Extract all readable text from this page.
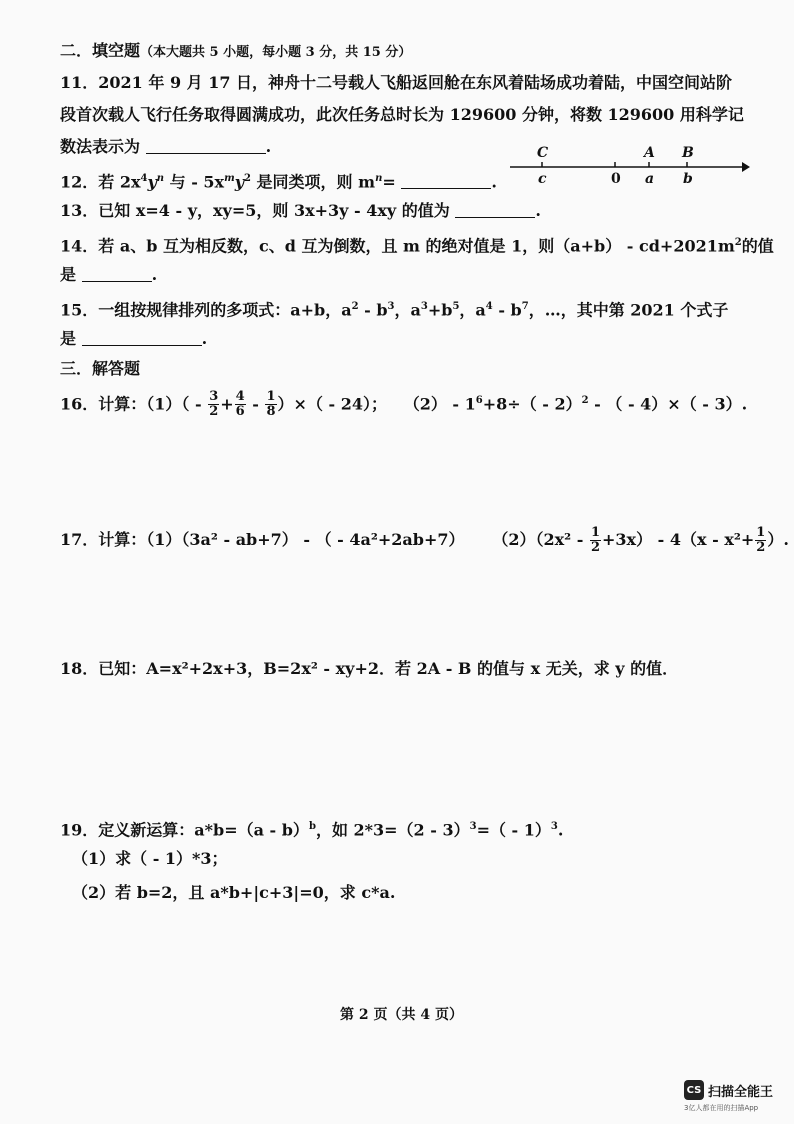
二．填空题（本大题共 5 小题，每小题 3 分，共 15 分）
11．2021 年 9 月 17 日，神舟十二号载人飞船返回舱在东风着陆场成功着陆，中国空间站阶
段首次载人飞行任务取得圆满成功，此次任务总时长为 129600 分钟，将数 129600 用科学记
数法表示为	.
12．若 $2x^4y^n$ 与 - $5x^my^2$ 是同类项，则 $m^n=$	.
C	A B
c	0 a b
13．已知 x=4 - y，xy=5，则 3x+3y - 4xy 的值为	.
14．若 a、b 互为相反数，c、d 互为倒数，且 m 的绝对值是 1，则$(a+b) - cd+2021m^2$的值
是	.
15．一组按规律排列的多项式：a+b，$a^2 - b^3$，$a^3+b^5$，$a^4 - b^7$，…，其中第 2021 个式子
是	.
三．解答题
16．计算：$(1)( - \frac{3}{2} + \frac{4}{6} - \frac{1}{8}$ ）×（ - 24）； $(2) - 1^6+8\div( - 2)^2$ - （ - 4）×（ - 3）.
17．计算：（1）（3a² - ab+7） - （ - 4a²+2ab+7） $(2)(2x^2 - \frac{1}{2} +3x) - 4(x - x^2+ \frac{1}{2}$ ）.
18．已知：A=x²+2x+3，B=2x² - xy+2．若 2A - B 的值与 x 无关，求 y 的值．
19．定义新运算：a*b=（a - b）$^b$，如 2*3=（2 - 3）$^3$=（ - 1）$^3$.
（1）求（ - 1）*3；
（2）若 b=2，且 a*b+|c+3|=0，求 c*a.
第 2 页（共 4 页）
CS 扫描全能王
3亿人都在用的扫描App
